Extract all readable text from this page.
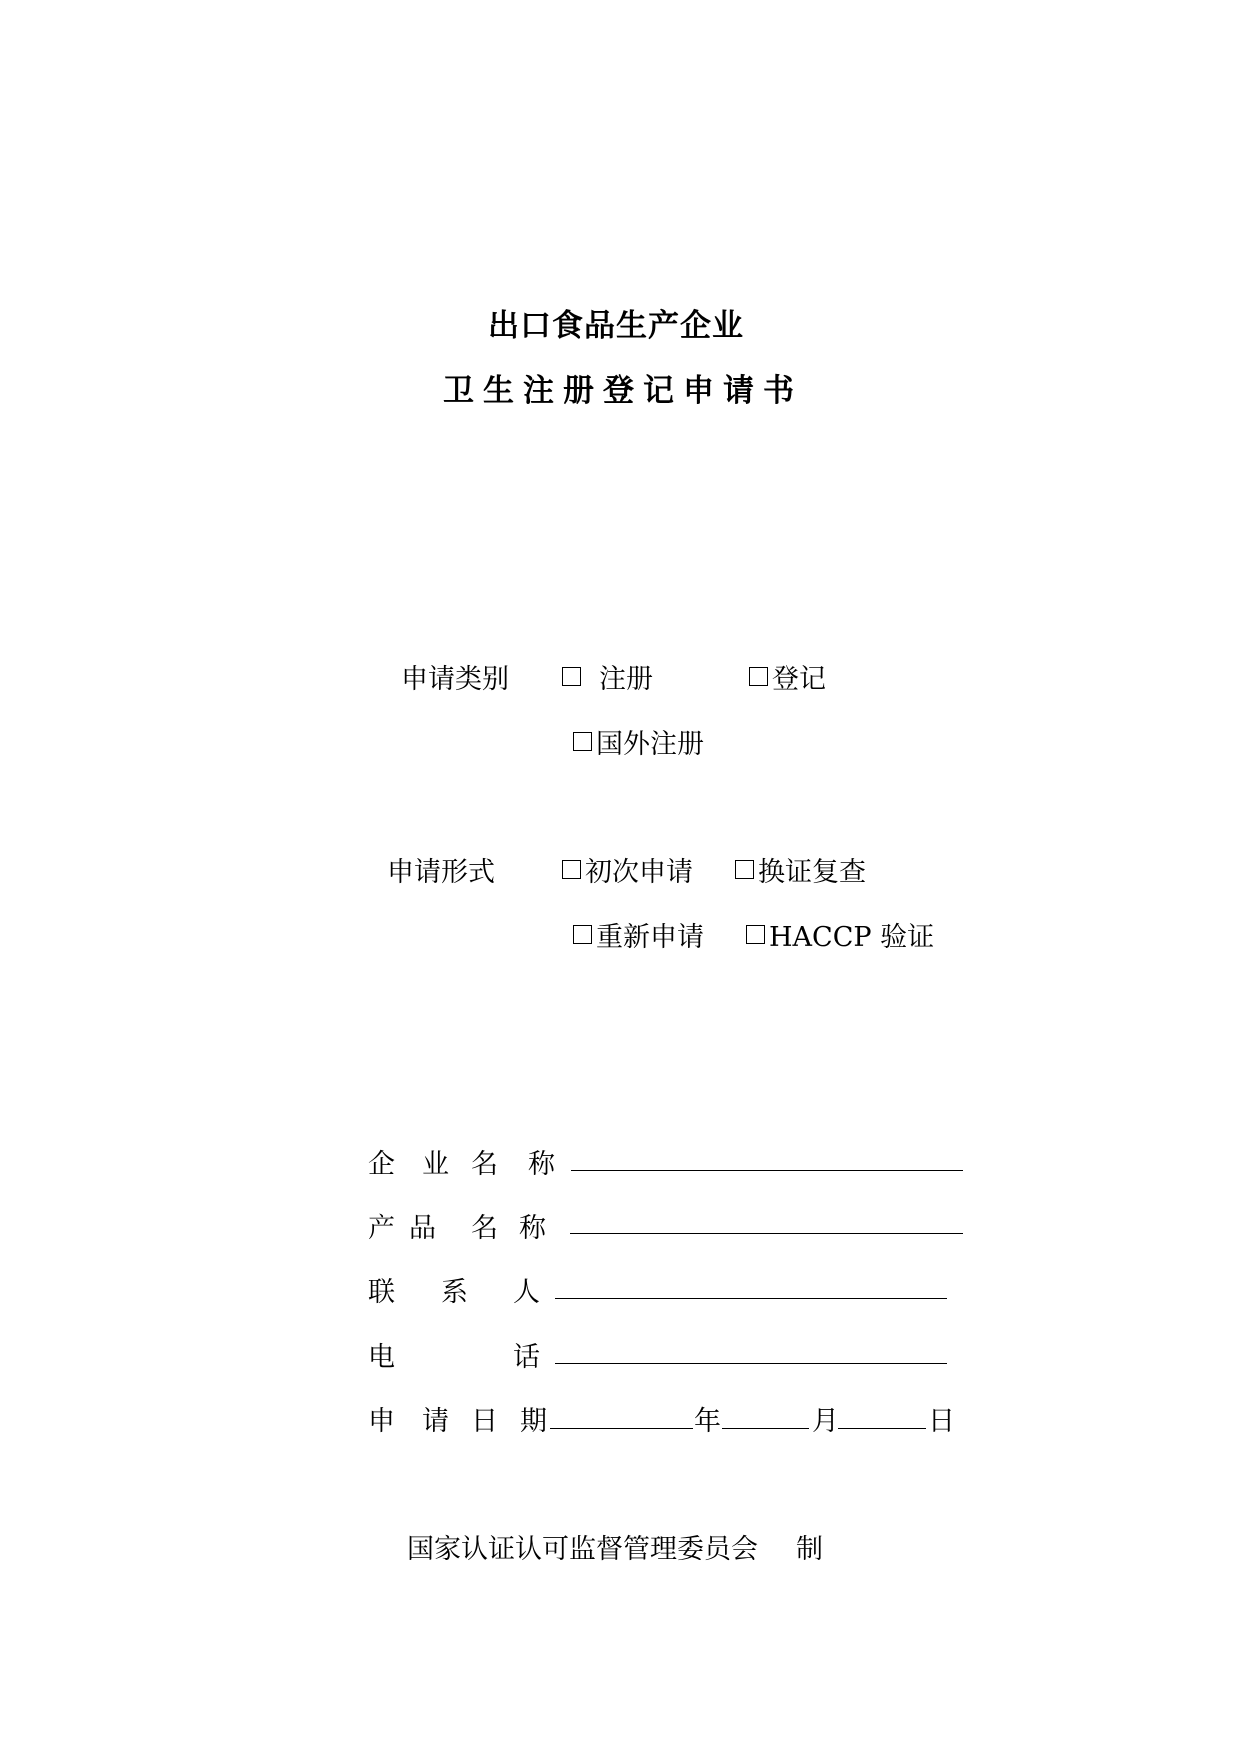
出口食品生产企业
卫生注册登记申请书
申请类别	注册	登记
国外注册
申请形式	初次申请 换证复查
重新申请 HACCP 验证
企 业 名 称
产 品 名 称
联 系 人
电	话
申 请 日 期	年	月	日
国家认证认可监督管理委员会 制
